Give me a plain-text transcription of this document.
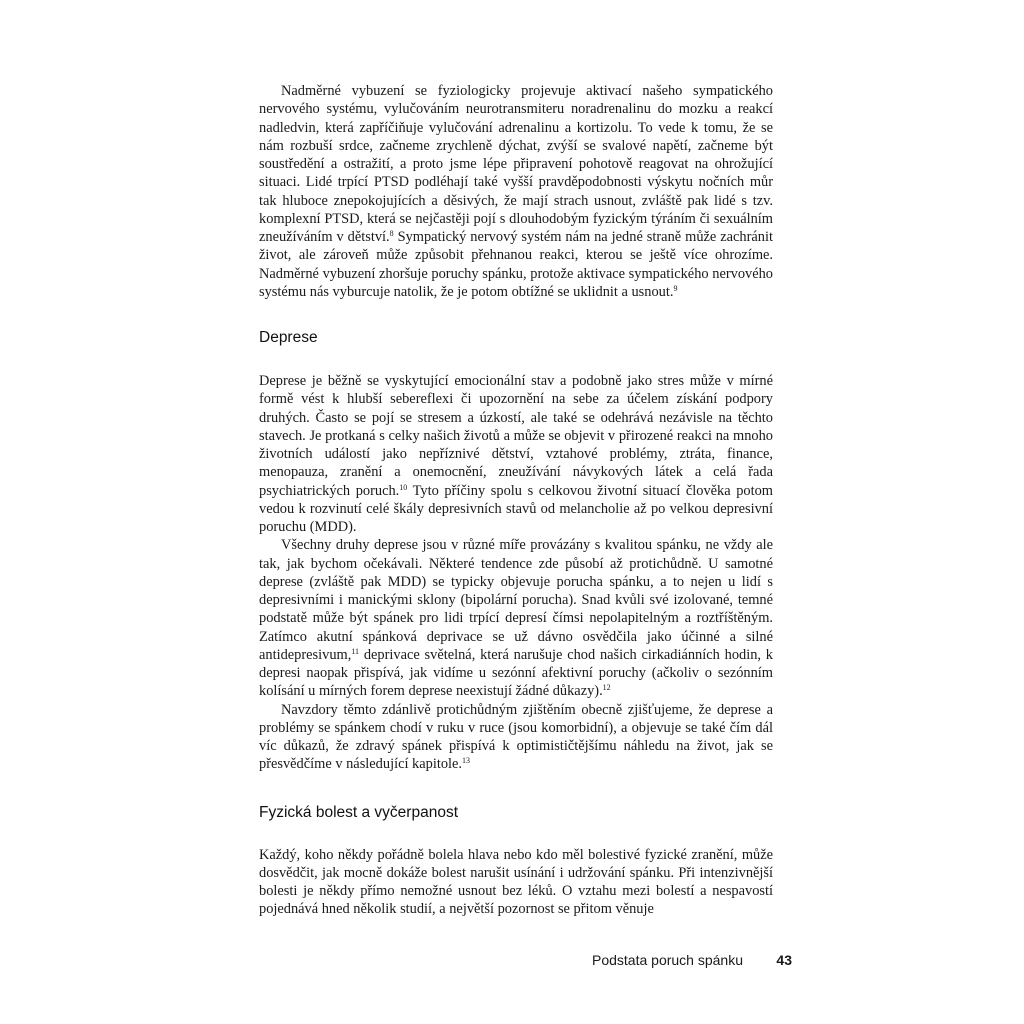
Nadměrné vybuzení se fyziologicky projevuje aktivací našeho sympatického nervového systému, vylučováním neurotransmiteru noradrenalinu do mozku a reakcí nadledvin, která zapříčiňuje vylučování adrenalinu a kortizolu. To vede k tomu, že se nám rozbuší srdce, začneme zrychleně dýchat, zvýší se svalové napětí, začneme být soustředění a ostražití, a proto jsme lépe připravení pohotově reagovat na ohrožující situaci. Lidé trpící PTSD podléhají také vyšší pravděpodobnosti výskytu nočních můr tak hluboce znepokojujících a děsivých, že mají strach usnout, zvláště pak lidé s tzv. komplexní PTSD, která se nejčastěji pojí s dlouhodobým fyzickým týráním či sexuálním zneužíváním v dětství.$^8$ Sympatický nervový systém nám na jedné straně může zachránit život, ale zároveň může způsobit přehnanou reakci, kterou se ještě více ohrozíme. Nadměrné vybuzení zhoršuje poruchy spánku, protože aktivace sympatického nervového systému nás vyburcuje natolik, že je potom obtížné se uklidnit a usnout.$^9$

Deprese

Deprese je běžně se vyskytující emocionální stav a podobně jako stres může v mírné formě vést k hlubší sebereflexi či upozornění na sebe za účelem získání podpory druhých. Často se pojí se stresem a úzkostí, ale také se odehrává nezávisle na těchto stavech. Je protkaná s celky našich životů a může se objevit v přirozené reakci na mnoho životních událostí jako nepříznivé dětství, vztahové problémy, ztráta, finance, menopauza, zranění a onemocnění, zneužívání návykových látek a celá řada psychiatrických poruch.$^{10}$ Tyto příčiny spolu s celkovou životní situací člověka potom vedou k rozvinutí celé škály depresivních stavů od melancholie až po velkou depresivní poruchu (MDD).

Všechny druhy deprese jsou v různé míře provázány s kvalitou spánku, ne vždy ale tak, jak bychom očekávali. Některé tendence zde působí až protichůdně. U samotné deprese (zvláště pak MDD) se typicky objevuje porucha spánku, a to nejen u lidí s depresivními i manickými sklony (bipolární porucha). Snad kvůli své izolované, temné podstatě může být spánek pro lidi trpící depresí čímsi nepolapitelným a roztříštěným. Zatímco akutní spánková deprivace se už dávno osvědčila jako účinné a silné antidepresivum,$^{11}$ deprivace světelná, která narušuje chod našich cirkadiánních hodin, k depresi naopak přispívá, jak vidíme u sezónní afektivní poruchy (ačkoliv o sezónním kolísání u mírných forem deprese neexistují žádné důkazy).$^{12}$

Navzdory těmto zdánlivě protichůdným zjištěním obecně zjišťujeme, že deprese a problémy se spánkem chodí v ruku v ruce (jsou komorbidní), a objevuje se také čím dál víc důkazů, že zdravý spánek přispívá k optimističtějšímu náhledu na život, jak se přesvědčíme v následující kapitole.$^{13}$

Fyzická bolest a vyčerpanost

Každý, koho někdy pořádně bolela hlava nebo kdo měl bolestivé fyzické zranění, může dosvědčit, jak mocně dokáže bolest narušit usínání i udržování spánku. Při intenzivnější bolesti je někdy přímo nemožné usnout bez léků. O vztahu mezi bolestí a nespavostí pojednává hned několik studií, a největší pozornost se přitom věnuje

Podstata poruch spánku 43
